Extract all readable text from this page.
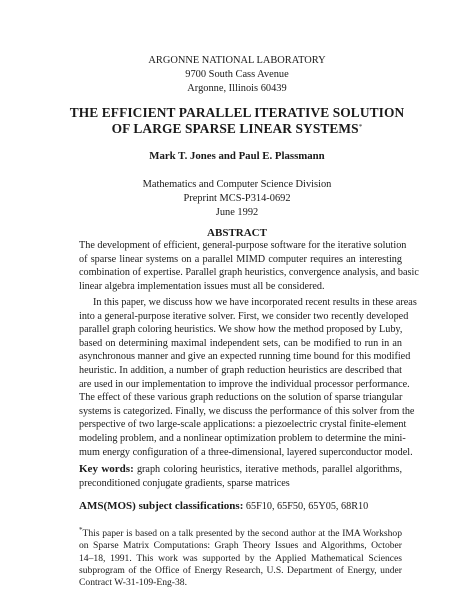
ARGONNE NATIONAL LABORATORY
9700 South Cass Avenue
Argonne, Illinois 60439
THE EFFICIENT PARALLEL ITERATIVE SOLUTION
OF LARGE SPARSE LINEAR SYSTEMS*
Mark T. Jones and Paul E. Plassmann
Mathematics and Computer Science Division
Preprint MCS-P314-0692
June 1992
ABSTRACT
The development of efficient, general-purpose software for the iterative solution
of sparse linear systems on a parallel MIMD computer requires an interesting
combination of expertise. Parallel graph heuristics, convergence analysis, and basic
linear algebra implementation issues must all be considered.
In this paper, we discuss how we have incorporated recent results in these areas
into a general-purpose iterative solver. First, we consider two recently developed
parallel graph coloring heuristics. We show how the method proposed by Luby,
based on determining maximal independent sets, can be modified to run in an
asynchronous manner and give an expected running time bound for this modified
heuristic. In addition, a number of graph reduction heuristics are described that
are used in our implementation to improve the individual processor performance.
The effect of these various graph reductions on the solution of sparse triangular
systems is categorized. Finally, we discuss the performance of this solver from the
perspective of two large-scale applications: a piezoelectric crystal finite-element
modeling problem, and a nonlinear optimization problem to determine the mini-
mum energy configuration of a three-dimensional, layered superconductor model.
Key words: graph coloring heuristics, iterative methods, parallel algorithms,
preconditioned conjugate gradients, sparse matrices
AMS(MOS) subject classifications: 65F10, 65F50, 65Y05, 68R10
*This paper is based on a talk presented by the second author at the IMA Workshop
on Sparse Matrix Computations: Graph Theory Issues and Algorithms, October
14–18, 1991. This work was supported by the Applied Mathematical Sciences
subprogram of the Office of Energy Research, U.S. Department of Energy, under
Contract W-31-109-Eng-38.
